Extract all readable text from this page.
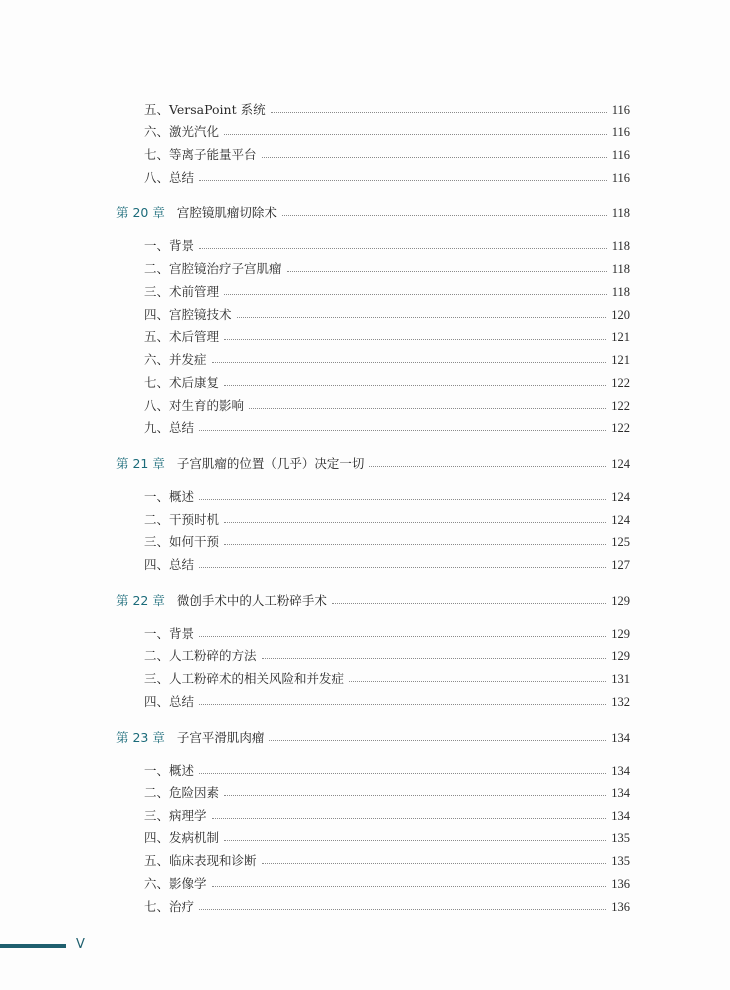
五、VersaPoint 系统	116
六、激光汽化	116
七、等离子能量平台	116
八、总结	116
第 20 章 宫腔镜肌瘤切除术	118
一、背景	118
二、宫腔镜治疗子宫肌瘤	118
三、术前管理	118
四、宫腔镜技术	120
五、术后管理	121
六、并发症	121
七、术后康复	122
八、对生育的影响	122
九、总结	122
第 21 章 子宫肌瘤的位置（几乎）决定一切	124
一、概述	124
二、干预时机	124
三、如何干预	125
四、总结	127
第 22 章 微创手术中的人工粉碎手术	129
一、背景	129
二、人工粉碎的方法	129
三、人工粉碎术的相关风险和并发症	131
四、总结	132
第 23 章 子宫平滑肌肉瘤	134
一、概述	134
二、危险因素	134
三、病理学	134
四、发病机制	135
五、临床表现和诊断	135
六、影像学	136
七、治疗	136
V
